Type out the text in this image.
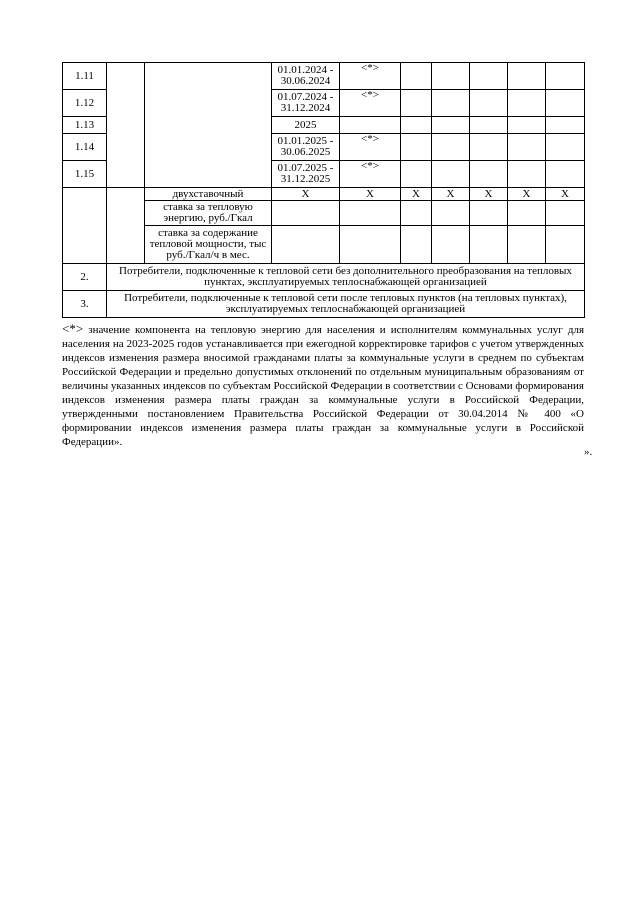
1.11			01.01.2024 - 30.06.2024	<*>					
1.12			01.07.2024 - 31.12.2024	<*>					
1.13			2025						
1.14			01.01.2025 - 30.06.2025	<*>					
1.15			01.07.2025 - 31.12.2025	<*>					
		двухставочный	X	X	X	X	X	X	X
		ставка за тепловую энергию, руб./Гкал							
		ставка за содержание тепловой мощности, тыс руб./Гкал/ч в мес.							
2.	Потребители, подключенные к тепловой сети без дополнительного преобразования на тепловых пунктах, эксплуатируемых теплоснабжающей организацией								
3.	Потребители, подключенные к тепловой сети после тепловых пунктов (на тепловых пунктах), эксплуатируемых теплоснабжающей организацией								
<*> значение компонента на тепловую энергию для населения и исполнителям коммунальных услуг для населения на 2023-2025 годов устанавливается при ежегодной корректировке тарифов с учетом утвержденных индексов изменения размера вносимой гражданами платы за коммунальные услуги в среднем по субъектам Российской Федерации и предельно допустимых отклонений по отдельным муниципальным образованиям от величины указанных индексов по субъектам Российской Федерации в соответствии с Основами формирования индексов изменения размера платы граждан за коммунальные услуги в Российской Федерации, утвержденными постановлением Правительства Российской Федерации от 30.04.2014 № 400 «О формировании индексов изменения размера платы граждан за коммунальные услуги в Российской Федерации».
».
